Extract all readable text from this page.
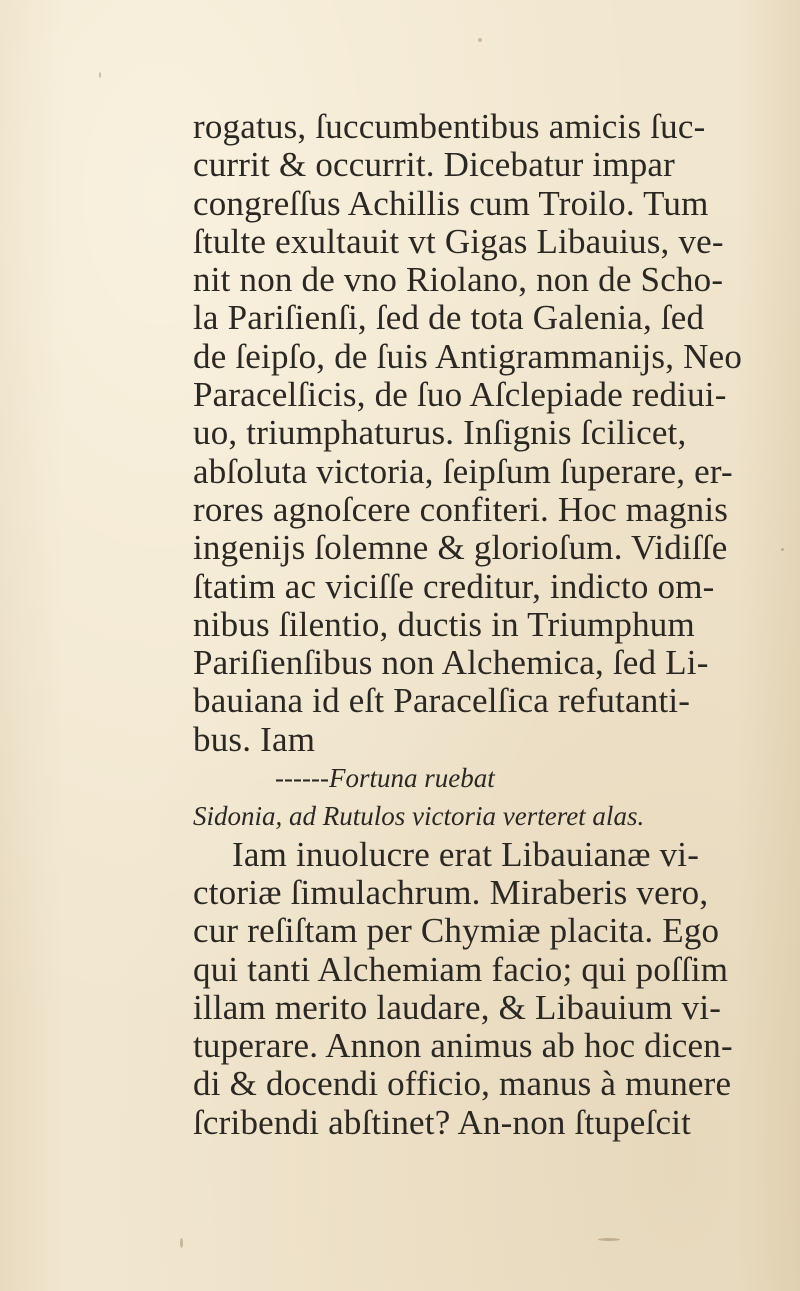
rogatus, ſuccumbentibus amicis ſuc-
currit & occurrit. Dicebatur impar
congreſſus Achillis cum Troilo. Tum
ſtulte exultauit vt Gigas Libauius, ve-
nit non de vno Riolano, non de Scho-
la Pariſienſi, ſed de tota Galenia, ſed
de ſeipſo, de ſuis Antigrammanijs, Neo
Paracelſicis, de ſuo Aſclepiade rediui-
uo, triumphaturus. Inſignis ſcilicet,
abſoluta victoria, ſeipſum ſuperare, er-
rores agnoſcere confiteri. Hoc magnis
ingenijs ſolemne & glorioſum. Vidiſſe
ſtatim ac viciſſe creditur, indicto om-
nibus ſilentio, ductis in Triumphum
Pariſienſibus non Alchemica, ſed Li-
bauiana id eſt Paracelſica refutanti-
bus. Iam
------Fortuna ruebat
Sidonia, ad Rutulos victoria verteret alas.
Iam inuolucre erat Libauianæ vi-
ctoriæ ſimulachrum. Miraberis vero,
cur reſiſtam per Chymiæ placita. Ego
qui tanti Alchemiam facio; qui poſſim
illam merito laudare, & Libauium vi-
tuperare. Annon animus ab hoc dicen-
di & docendi officio, manus à munere
ſcribendi abſtinet? An-non ſtupeſcit
